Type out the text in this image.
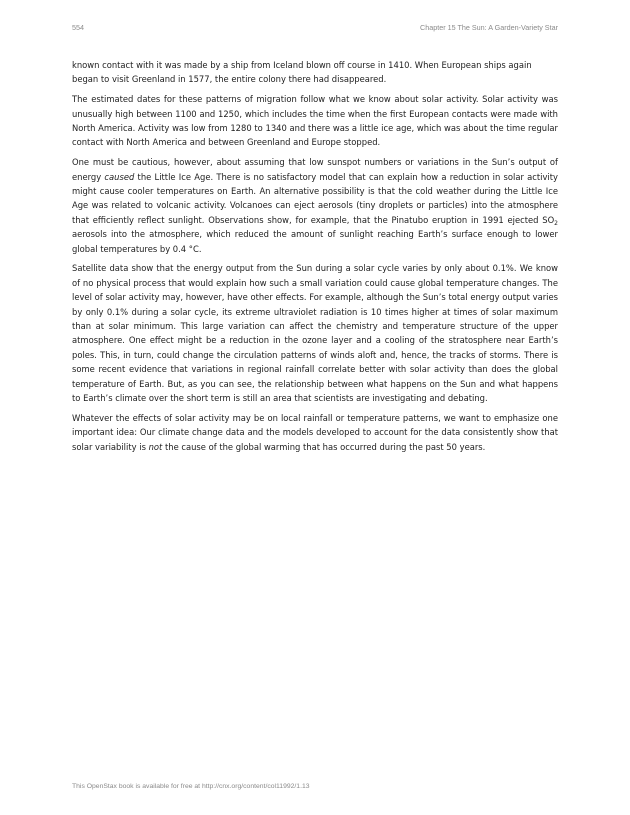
554	Chapter 15 The Sun: A Garden-Variety Star

known contact with it was made by a ship from Iceland blown off course in 1410. When European ships again began to visit Greenland in 1577, the entire colony there had disappeared.

The estimated dates for these patterns of migration follow what we know about solar activity. Solar activity was unusually high between 1100 and 1250, which includes the time when the first European contacts were made with North America. Activity was low from 1280 to 1340 and there was a little ice age, which was about the time regular contact with North America and between Greenland and Europe stopped.

One must be cautious, however, about assuming that low sunspot numbers or variations in the Sun’s output of energy caused the Little Ice Age. There is no satisfactory model that can explain how a reduction in solar activity might cause cooler temperatures on Earth. An alternative possibility is that the cold weather during the Little Ice Age was related to volcanic activity. Volcanoes can eject aerosols (tiny droplets or particles) into the atmosphere that efficiently reflect sunlight. Observations show, for example, that the Pinatubo eruption in 1991 ejected $SO_2$ aerosols into the atmosphere, which reduced the amount of sunlight reaching Earth’s surface enough to lower global temperatures by 0.4 °C.

Satellite data show that the energy output from the Sun during a solar cycle varies by only about 0.1%. We know of no physical process that would explain how such a small variation could cause global temperature changes. The level of solar activity may, however, have other effects. For example, although the Sun’s total energy output varies by only 0.1% during a solar cycle, its extreme ultraviolet radiation is 10 times higher at times of solar maximum than at solar minimum. This large variation can affect the chemistry and temperature structure of the upper atmosphere. One effect might be a reduction in the ozone layer and a cooling of the stratosphere near Earth’s poles. This, in turn, could change the circulation patterns of winds aloft and, hence, the tracks of storms. There is some recent evidence that variations in regional rainfall correlate better with solar activity than does the global temperature of Earth. But, as you can see, the relationship between what happens on the Sun and what happens to Earth’s climate over the short term is still an area that scientists are investigating and debating.

Whatever the effects of solar activity may be on local rainfall or temperature patterns, we want to emphasize one important idea: Our climate change data and the models developed to account for the data consistently show that solar variability is not the cause of the global warming that has occurred during the past 50 years.

This OpenStax book is available for free at http://cnx.org/content/col11992/1.13
